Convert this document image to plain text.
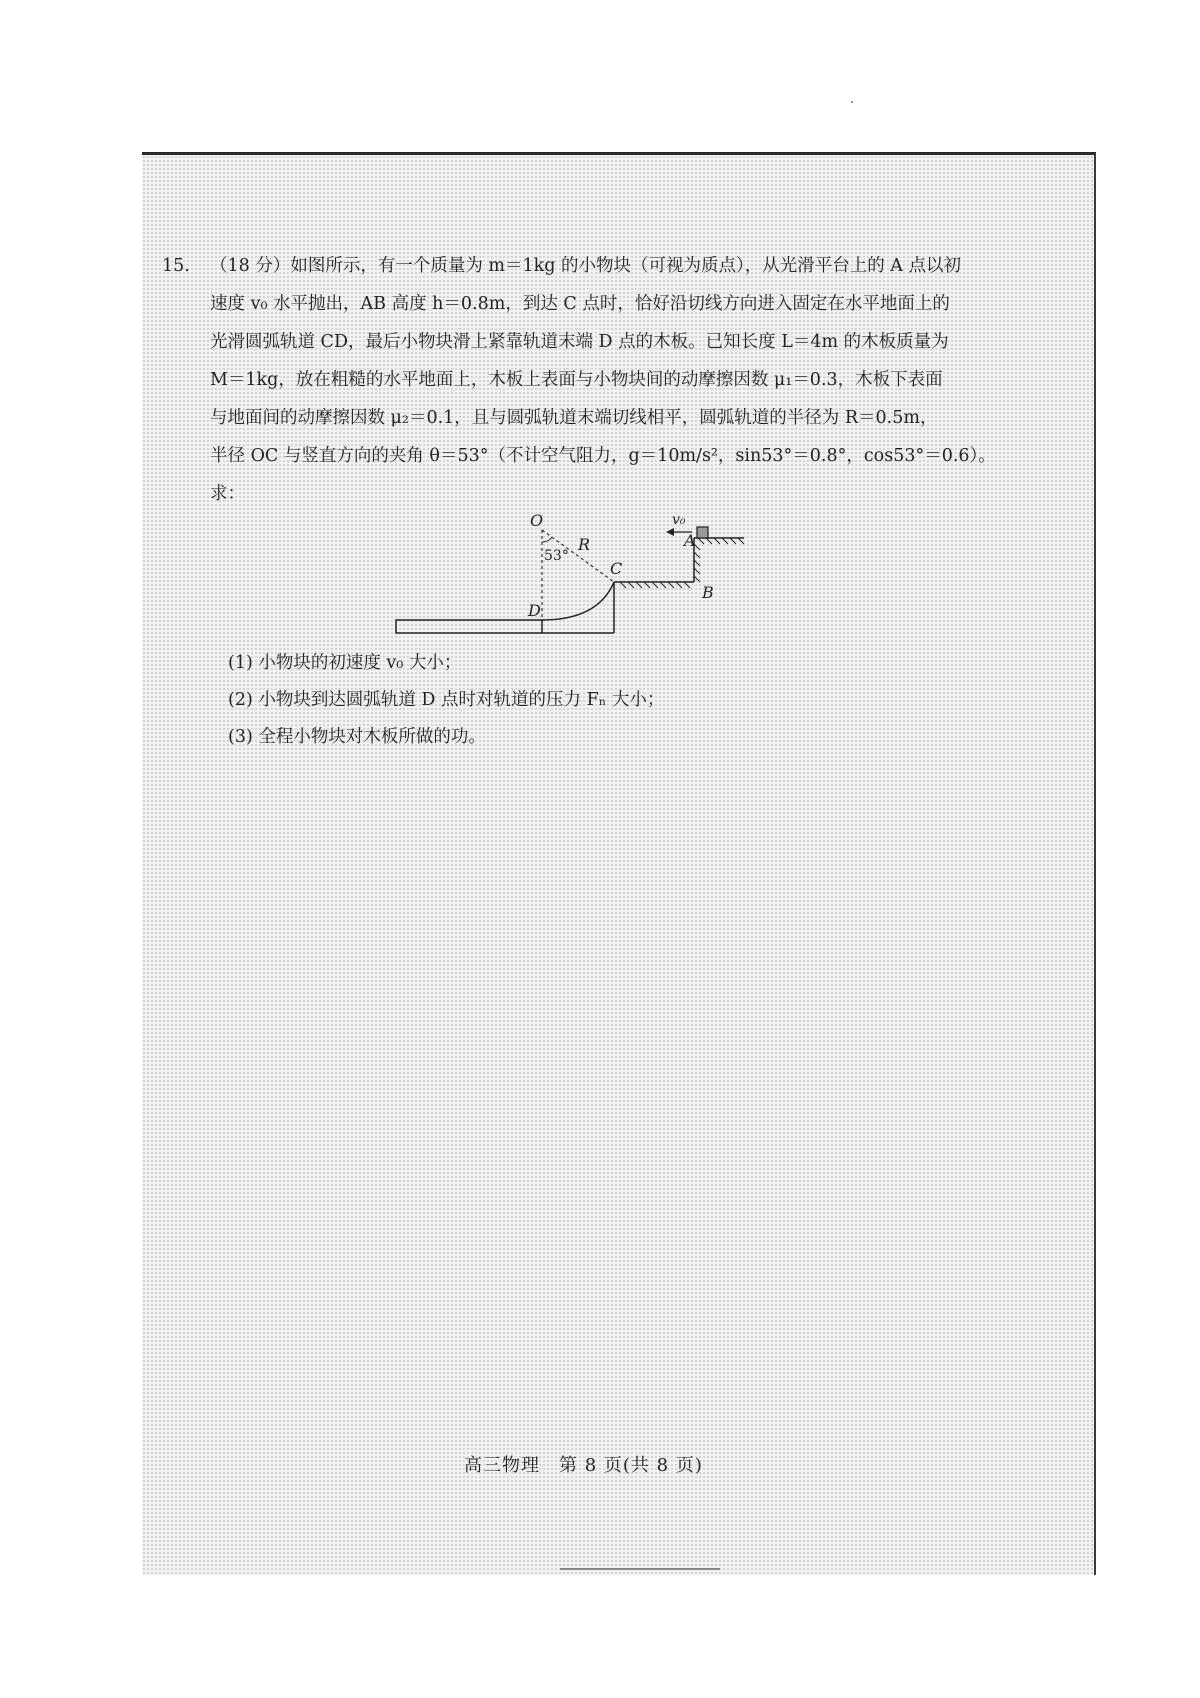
15. （18 分）如图所示，有一个质量为 m＝1kg 的小物块（可视为质点），从光滑平台上的 A 点以初

速度 v₀ 水平抛出，AB 高度 h＝0.8m，到达 C 点时，恰好沿切线方向进入固定在水平地面上的

光滑圆弧轨道 CD，最后小物块滑上紧靠轨道末端 D 点的木板。已知长度 L＝4m 的木板质量为

M＝1kg，放在粗糙的水平地面上，木板上表面与小物块间的动摩擦因数 μ₁＝0.3，木板下表面

与地面间的动摩擦因数 μ₂＝0.1，且与圆弧轨道末端切线相平，圆弧轨道的半径为 R＝0.5m，

半径 OC 与竖直方向的夹角 θ＝53°（不计空气阻力，g＝10m/s²，sin53°＝0.8°，cos53°＝0.6）。

求：

O
R
53°
C
D
A
B
v₀
(1) 小物块的初速度 v₀ 大小；
(2) 小物块到达圆弧轨道 D 点时对轨道的压力 Fₙ 大小；
(3) 全程小物块对木板所做的功。
高三物理　第 8 页(共 8 页)
